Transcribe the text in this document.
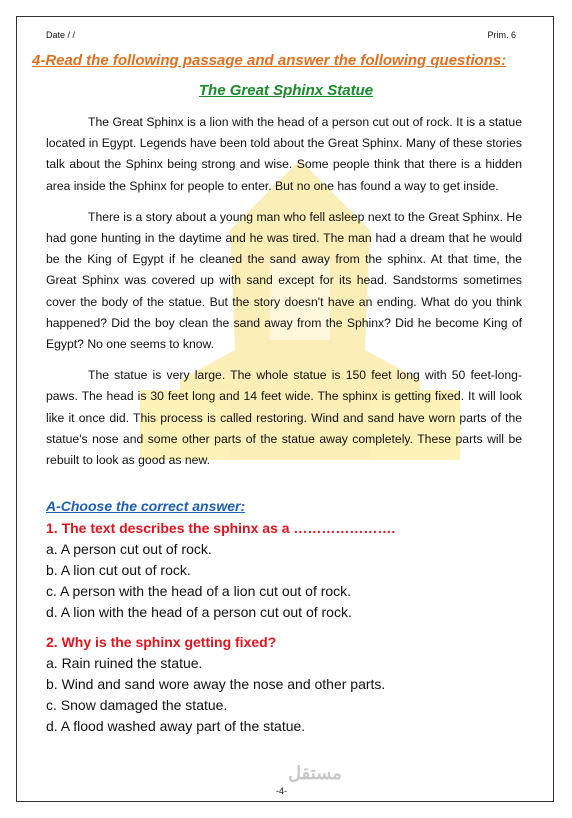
Date / /	Prim. 6
4-Read the following passage and answer the following questions:
The Great Sphinx Statue

The Great Sphinx is a lion with the head of a person cut out of rock. It is a statue located in Egypt. Legends have been told about the Great Sphinx. Many of these stories talk about the Sphinx being strong and wise. Some people think that there is a hidden area inside the Sphinx for people to enter. But no one has found a way to get inside.

There is a story about a young man who fell asleep next to the Great Sphinx. He had gone hunting in the daytime and he was tired. The man had a dream that he would be the King of Egypt if he cleaned the sand away from the sphinx. At that time, the Great Sphinx was covered up with sand except for its head. Sandstorms sometimes cover the body of the statue. But the story doesn't have an ending. What do you think happened? Did the boy clean the sand away from the Sphinx? Did he become King of Egypt? No one seems to know.

The statue is very large. The whole statue is 150 feet long with 50 feet-long-paws. The head is 30 feet long and 14 feet wide. The sphinx is getting fixed. It will look like it once did. This process is called restoring. Wind and sand have worn parts of the statue's nose and some other parts of the statue away completely. These parts will be rebuilt to look as good as new.

A-Choose the correct answer:
1. The text describes the sphinx as a ………………….
a. A person cut out of rock.
b. A lion cut out of rock.
c. A person with the head of a lion cut out of rock.
d. A lion with the head of a person cut out of rock.
2. Why is the sphinx getting fixed?
a. Rain ruined the statue.
b. Wind and sand wore away the nose and other parts.
c. Snow damaged the statue.
d. A flood washed away part of the statue.
مستقل
-4-
